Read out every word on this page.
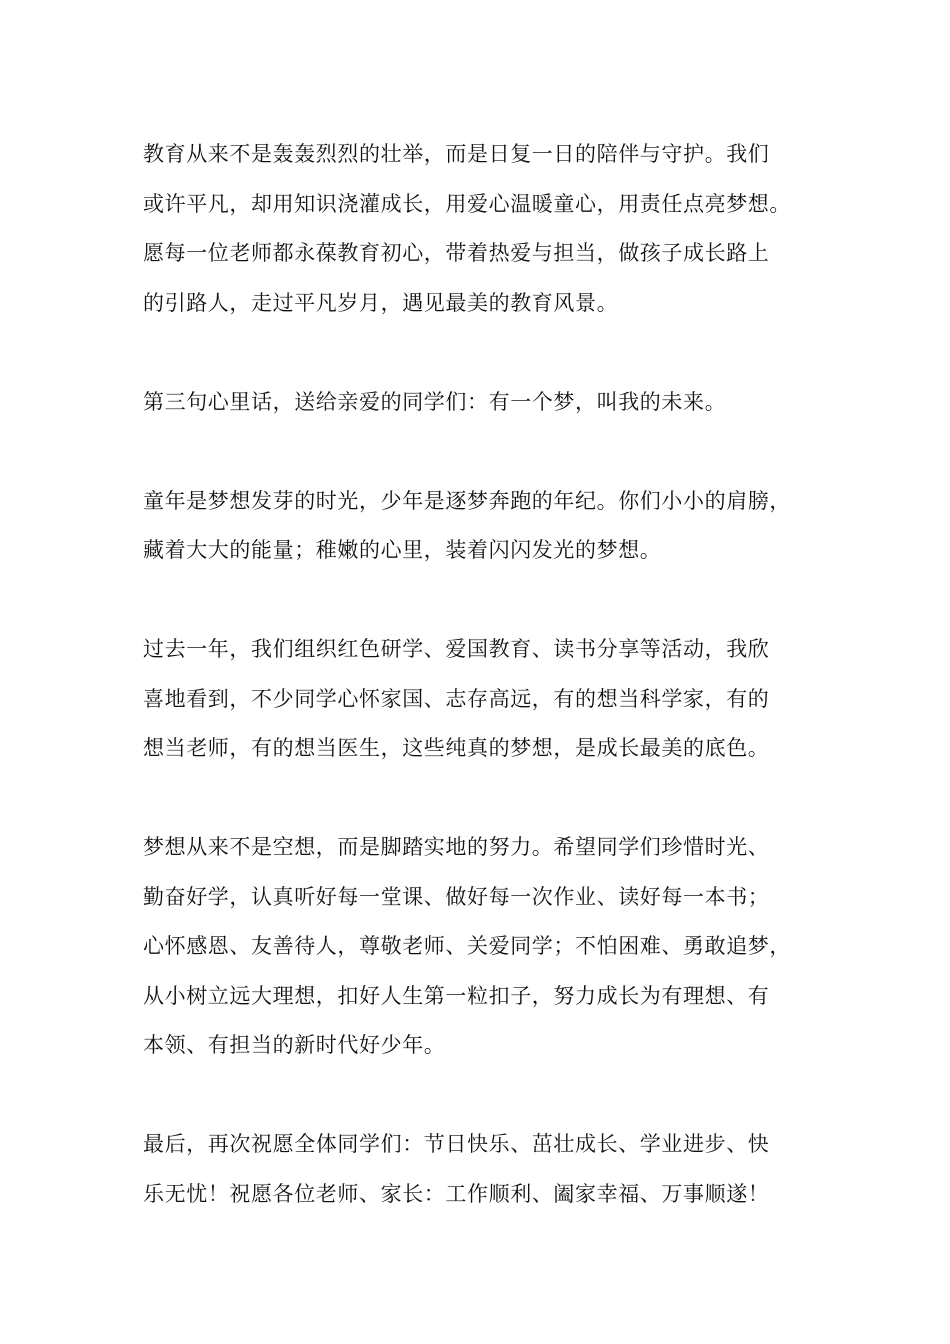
教育从来不是轰轰烈烈的壮举，而是日复一日的陪伴与守护。我们
或许平凡，却用知识浇灌成长，用爱心温暖童心，用责任点亮梦想。
愿每一位老师都永葆教育初心，带着热爱与担当，做孩子成长路上
的引路人，走过平凡岁月，遇见最美的教育风景。
第三句心里话，送给亲爱的同学们：有一个梦，叫我的未来。
童年是梦想发芽的时光，少年是逐梦奔跑的年纪。你们小小的肩膀，
藏着大大的能量；稚嫩的心里，装着闪闪发光的梦想。
过去一年，我们组织红色研学、爱国教育、读书分享等活动，我欣
喜地看到，不少同学心怀家国、志存高远，有的想当科学家，有的
想当老师，有的想当医生，这些纯真的梦想，是成长最美的底色。
梦想从来不是空想，而是脚踏实地的努力。希望同学们珍惜时光、
勤奋好学，认真听好每一堂课、做好每一次作业、读好每一本书；
心怀感恩、友善待人，尊敬老师、关爱同学；不怕困难、勇敢追梦，
从小树立远大理想，扣好人生第一粒扣子，努力成长为有理想、有
本领、有担当的新时代好少年。
最后，再次祝愿全体同学们：节日快乐、茁壮成长、学业进步、快
乐无忧！祝愿各位老师、家长：工作顺利、阖家幸福、万事顺遂！
